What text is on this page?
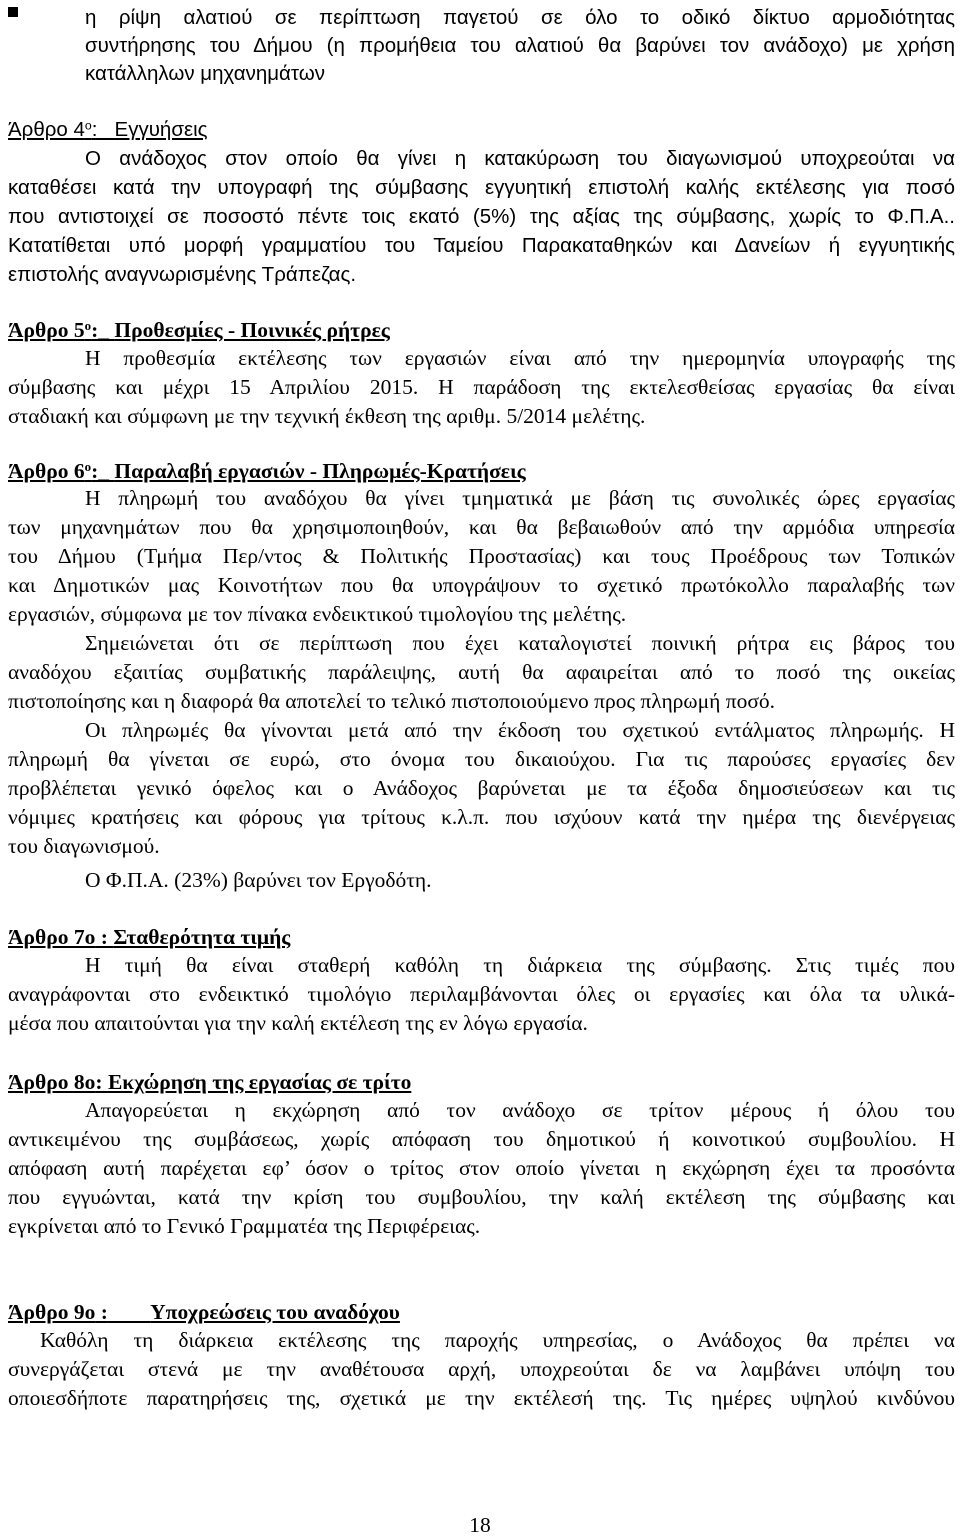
η ρίψη αλατιού σε περίπτωση παγετού σε όλο το οδικό δίκτυο αρμοδιότητας
συντήρησης του Δήμου (η προμήθεια του αλατιού θα βαρύνει τον ανάδοχο) με χρήση
κατάλληλων μηχανημάτων
Άρθρο $4^o:\_$ Εγγυήσεις
Ο ανάδοχος στον οποίο θα γίνει η κατακύρωση του διαγωνισμού υποχρεούται να
καταθέσει κατά την υπογραφή της σύμβασης εγγυητική επιστολή καλής εκτέλεσης για ποσό
που αντιστοιχεί σε ποσοστό πέντε τοις εκατό (5%) της αξίας της σύμβασης, χωρίς το Φ.Π.Α..
Κατατίθεται υπό μορφή γραμματίου του Ταμείου Παρακαταθηκών και Δανείων ή εγγυητικής
επιστολής αναγνωρισμένης Τράπεζας.
Άρθρο $5^o:\_$ Προθεσμίες - Ποινικές ρήτρες
Η προθεσμία εκτέλεσης των εργασιών είναι από την ημερομηνία υπογραφής της
σύμβασης και μέχρι 15 Απριλίου 2015. Η παράδοση της εκτελεσθείσας εργασίας θα είναι
σταδιακή και σύμφωνη με την τεχνική έκθεση της αριθμ. 5/2014 μελέτης.
Άρθρο $6^o:\_$ Παραλαβή εργασιών - Πληρωμές-Κρατήσεις
Η πληρωμή του αναδόχου θα γίνει τμηματικά με βάση τις συνολικές ώρες εργασίας
των μηχανημάτων που θα χρησιμοποιηθούν, και θα βεβαιωθούν από την αρμόδια υπηρεσία
του Δήμου (Τμήμα Περ/ντος & Πολιτικής Προστασίας) και τους Προέδρους των Τοπικών
και Δημοτικών μας Κοινοτήτων που θα υπογράψουν το σχετικό πρωτόκολλο παραλαβής των
εργασιών, σύμφωνα με τον πίνακα ενδεικτικού τιμολογίου της μελέτης.
Σημειώνεται ότι σε περίπτωση που έχει καταλογιστεί ποινική ρήτρα εις βάρος του
αναδόχου εξαιτίας συμβατικής παράλειψης, αυτή θα αφαιρείται από το ποσό της οικείας
πιστοποίησης και η διαφορά θα αποτελεί το τελικό πιστοποιούμενο προς πληρωμή ποσό.
Οι πληρωμές θα γίνονται μετά από την έκδοση του σχετικού εντάλματος πληρωμής. Η
πληρωμή θα γίνεται σε ευρώ, στο όνομα του δικαιούχου. Για τις παρούσες εργασίες δεν
προβλέπεται γενικό όφελος και ο Ανάδοχος βαρύνεται με τα έξοδα δημοσιεύσεων και τις
νόμιμες κρατήσεις και φόρους για τρίτους κ.λ.π. που ισχύουν κατά την ημέρα της διενέργειας
του διαγωνισμού.
Ο Φ.Π.Α. (23%) βαρύνει τον Εργοδότη.
Άρθρο 7ο : Σταθερότητα τιμής
Η τιμή θα είναι σταθερή καθόλη τη διάρκεια της σύμβασης. Στις τιμές που
αναγράφονται στο ενδεικτικό τιμολόγιο περιλαμβάνονται όλες οι εργασίες και όλα τα υλικά-
μέσα που απαιτούνται για την καλή εκτέλεση της εν λόγω εργασία.
Άρθρο 8ο: Εκχώρηση της εργασίας σε τρίτο
Απαγορεύεται η εκχώρηση από τον ανάδοχο σε τρίτον μέρους ή όλου του
αντικειμένου της συμβάσεως, χωρίς απόφαση του δημοτικού ή κοινοτικού συμβουλίου. Η
απόφαση αυτή παρέχεται εφ’ όσον ο τρίτος στον οποίο γίνεται η εκχώρηση έχει τα προσόντα
που εγγυώνται, κατά την κρίση του συμβουλίου, την καλή εκτέλεση της σύμβασης και
εγκρίνεται από το Γενικό Γραμματέα της Περιφέρειας.
Άρθρο 9ο : Υποχρεώσεις του αναδόχου
Καθόλη τη διάρκεια εκτέλεσης της παροχής υπηρεσίας, ο Ανάδοχος θα πρέπει να
συνεργάζεται στενά με την αναθέτουσα αρχή, υποχρεούται δε να λαμβάνει υπόψη του
οποιεσδήποτε παρατηρήσεις της, σχετικά με την εκτέλεσή της. Τις ημέρες υψηλού κινδύνου
18
